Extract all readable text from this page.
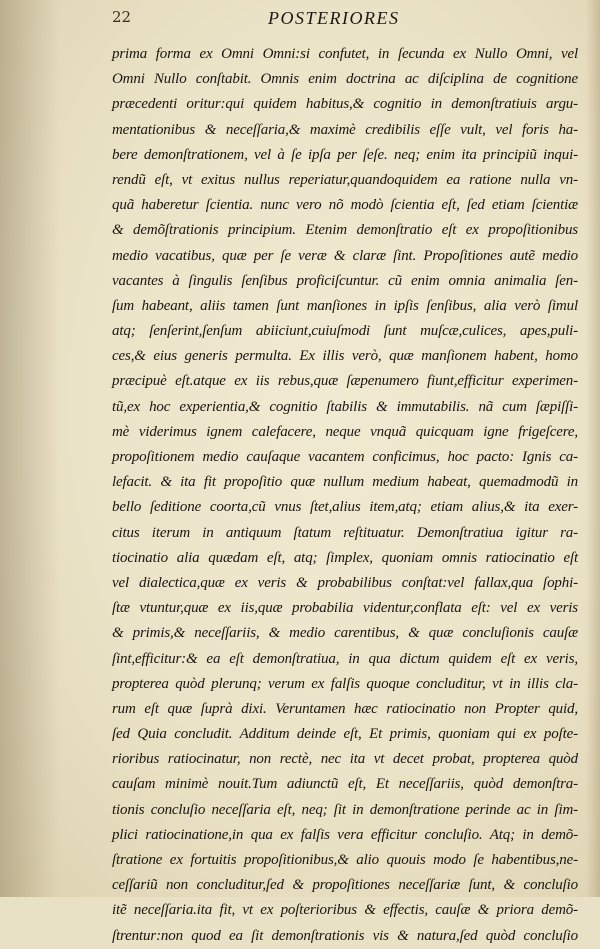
22	POSTERIORES
prima forma ex Omni Omni:si confutet, in ſecunda ex Nullo Omni, vel
Omni Nullo conſtabit. Omnis enim doctrina ac diſciplina de cognitione
præcedenti oritur:qui quidem habitus,& cognitio in demonſtratiuis argu-
mentationibus & neceſſaria,& maximè credibilis eſſe vult, vel foris ha-
bere demonſtrationem, vel à ſe ipſa per ſeſe. neq; enim ita principiũ inqui-
rendũ eſt, vt exitus nullus reperiatur,quandoquidem ea ratione nulla vn-
quã haberetur ſcientia. nunc vero nõ modò ſcientia eſt, ſed etiam ſcientiæ
& demõſtrationis principium. Etenim demonſtratio eſt ex propoſitionibus
medio vacatibus, quæ per ſe veræ & claræ ſint. Propoſitiones autẽ medio
vacantes à ſingulis ſenſibus proficiſcuntur. cũ enim omnia animalia ſen-
ſum habeant, aliis tamen ſunt manſiones in ipſis ſenſibus, alia verò ſimul
atq; ſenſerint,ſenſum abiiciunt,cuiuſmodi ſunt muſcæ,culices, apes,puli-
ces,& eius generis permulta. Ex illis verò, quæ manſionem habent, homo
præcipuè eſt.atque ex iis rebus,quæ ſæpenumero fiunt,efficitur experimen-
tũ,ex hoc experientia,& cognitio ſtabilis & immutabilis. nã cum ſæpiſſi-
mè viderimus ignem calefacere, neque vnquã quicquam igne frigeſcere,
propoſitionem medio cauſaque vacantem conficimus, hoc pacto: Ignis ca-
lefacit. & ita fit propoſitio quæ nullum medium habeat, quemadmodũ in
bello ſeditione coorta,cũ vnus ſtet,alius item,atq; etiam alius,& ita exer-
citus iterum in antiquum ſtatum reſtituatur. Demonſtratiua igitur ra-
tiocinatio alia quædam eſt, atq; ſimplex, quoniam omnis ratiocinatio eſt
vel dialectica,quæ ex veris & probabilibus conſtat:vel fallax,qua ſophi-
ſtæ vtuntur,quæ ex iis,quæ probabilia videntur,conflata eſt: vel ex veris
& primis,& neceſſariis, & medio carentibus, & quæ concluſionis cauſæ
ſint,efficitur:& ea eſt demonſtratiua, in qua dictum quidem eſt ex veris,
propterea quòd plerunq; verum ex falſis quoque concluditur, vt in illis cla-
rum eſt quæ ſuprà dixi. Veruntamen hæc ratiocinatio non Propter quid,
ſed Quia concludit. Additum deinde eſt, Et primis, quoniam qui ex poſte-
rioribus ratiocinatur, non rectè, nec ita vt decet probat, propterea quòd
cauſam minimè nouit.Tum adiunctũ eſt, Et neceſſariis, quòd demonſtra-
tionis concluſio neceſſaria eſt, neq; ſit in demonſtratione perinde ac in ſim-
plici ratiocinatione,in qua ex falſis vera efficitur concluſio. Atq; in demõ-
ſtratione ex fortuitis propoſitionibus,& alio quouis modo ſe habentibus,ne-
ceſſariũ non concluditur,ſed & propoſitiones neceſſariæ ſunt, & concluſio
itẽ neceſſaria.ita fit, vt ex poſterioribus & effectis, cauſæ & priora demõ-
ſtrentur:non quod ea ſit demonſtrationis vis & natura,ſed quòd concluſio
